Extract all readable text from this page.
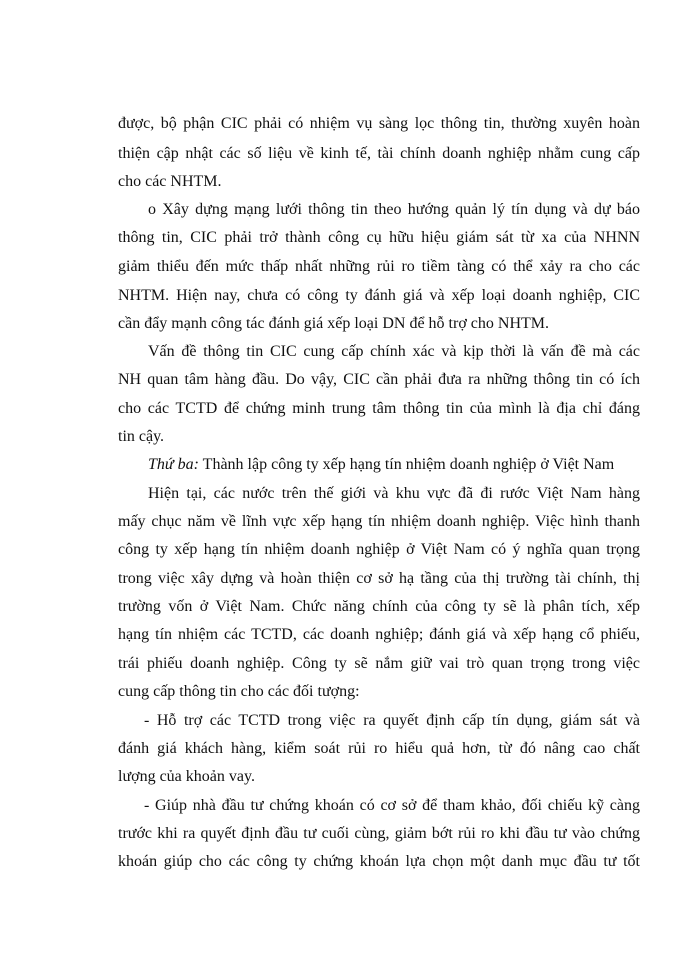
được, bộ phận CIC phải có nhiệm vụ sàng lọc thông tin, thường xuyên hoàn
thiện cập nhật các số liệu về kinh tế, tài chính doanh nghiệp nhằm cung cấp
cho các NHTM.
o Xây dựng mạng lưới thông tin theo hướng quản lý tín dụng và dự báo
thông tin, CIC phải trở thành công cụ hữu hiệu giám sát từ xa của NHNN
giảm thiểu đến mức thấp nhất những rủi ro tiềm tàng có thể xảy ra cho các
NHTM. Hiện nay, chưa có công ty đánh giá và xếp loại doanh nghiệp, CIC
cần đẩy mạnh công tác đánh giá xếp loại DN để hỗ trợ cho NHTM.
Vấn đề thông tin CIC cung cấp chính xác và kịp thời là vấn đề mà các
NH quan tâm hàng đầu. Do vậy, CIC cần phải đưa ra những thông tin có ích
cho các TCTD để chứng minh trung tâm thông tin của mình là địa chỉ đáng
tin cậy.
Thứ ba: Thành lập công ty xếp hạng tín nhiệm doanh nghiệp ở Việt Nam
Hiện tại, các nước trên thế giới và khu vực đã đi rước Việt Nam hàng
mấy chục năm về lĩnh vực xếp hạng tín nhiệm doanh nghiệp. Việc hình thanh
công ty xếp hạng tín nhiệm doanh nghiệp ở Việt Nam có ý nghĩa quan trọng
trong việc xây dựng và hoàn thiện cơ sở hạ tầng của thị trường tài chính, thị
trường vốn ở Việt Nam. Chức năng chính của công ty sẽ là phân tích, xếp
hạng tín nhiệm các TCTD, các doanh nghiệp; đánh giá và xếp hạng cổ phiếu,
trái phiếu doanh nghiệp. Công ty sẽ nắm giữ vai trò quan trọng trong việc
cung cấp thông tin cho các đối tượng:
- Hỗ trợ các TCTD trong việc ra quyết định cấp tín dụng, giám sát và
đánh giá khách hàng, kiểm soát rủi ro hiểu quả hơn, từ đó nâng cao chất
lượng của khoản vay.
- Giúp nhà đầu tư chứng khoán có cơ sở để tham khảo, đối chiếu kỹ càng
trước khi ra quyết định đầu tư cuối cùng, giảm bớt rủi ro khi đầu tư vào chứng
khoán giúp cho các công ty chứng khoán lựa chọn một danh mục đầu tư tốt
